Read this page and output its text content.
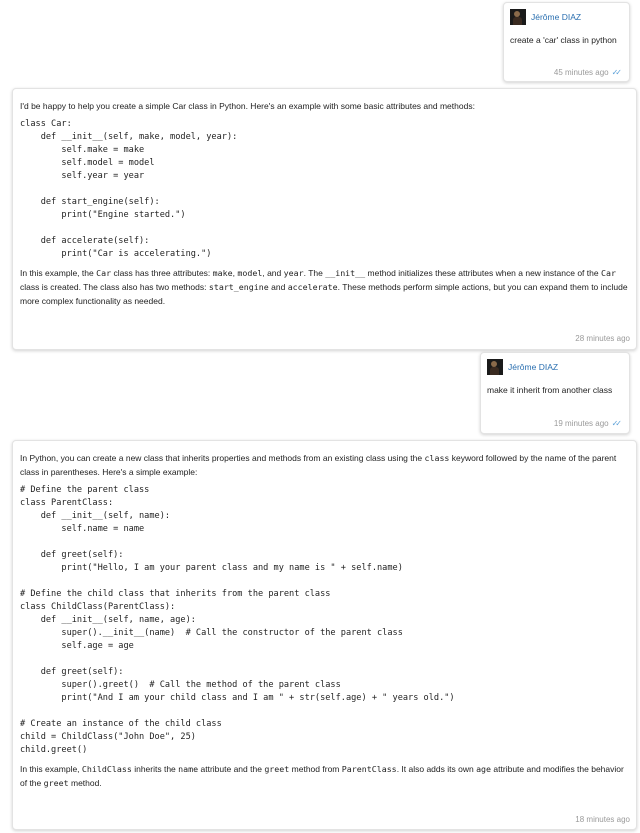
Jérôme DIAZ
create a 'car' class in python
45 minutes ago ✓✓

I'd be happy to help you create a simple Car class in Python. Here's an example with some basic attributes and methods:

class Car:
def __init__(self, make, model, year):
self.make = make
self.model = model
self.year = year

def start_engine(self):
print("Engine started.")

def accelerate(self):
print("Car is accelerating.")

In this example, the Car class has three attributes: make, model, and year. The __init__ method initializes these attributes when a new instance of the Car class is created. The class also has two methods: start_engine and accelerate. These methods perform simple actions, but you can expand them to include more complex functionality as needed.

28 minutes ago
Jérôme DIAZ
make it inherit from another class
19 minutes ago ✓✓

In Python, you can create a new class that inherits properties and methods from an existing class using the class keyword followed by the name of the parent class in parentheses. Here's a simple example:

# Define the parent class
class ParentClass:
def __init__(self, name):
self.name = name

def greet(self):
print("Hello, I am your parent class and my name is " + self.name)

# Define the child class that inherits from the parent class
class ChildClass(ParentClass):
def __init__(self, name, age):
super().__init__(name)  # Call the constructor of the parent class
self.age = age

def greet(self):
super().greet()  # Call the method of the parent class
print("And I am your child class and I am " + str(self.age) + " years old.")

# Create an instance of the child class
child = ChildClass("John Doe", 25)
child.greet()

In this example, ChildClass inherits the name attribute and the greet method from ParentClass. It also adds its own age attribute and modifies the behavior of the greet method.

18 minutes ago
